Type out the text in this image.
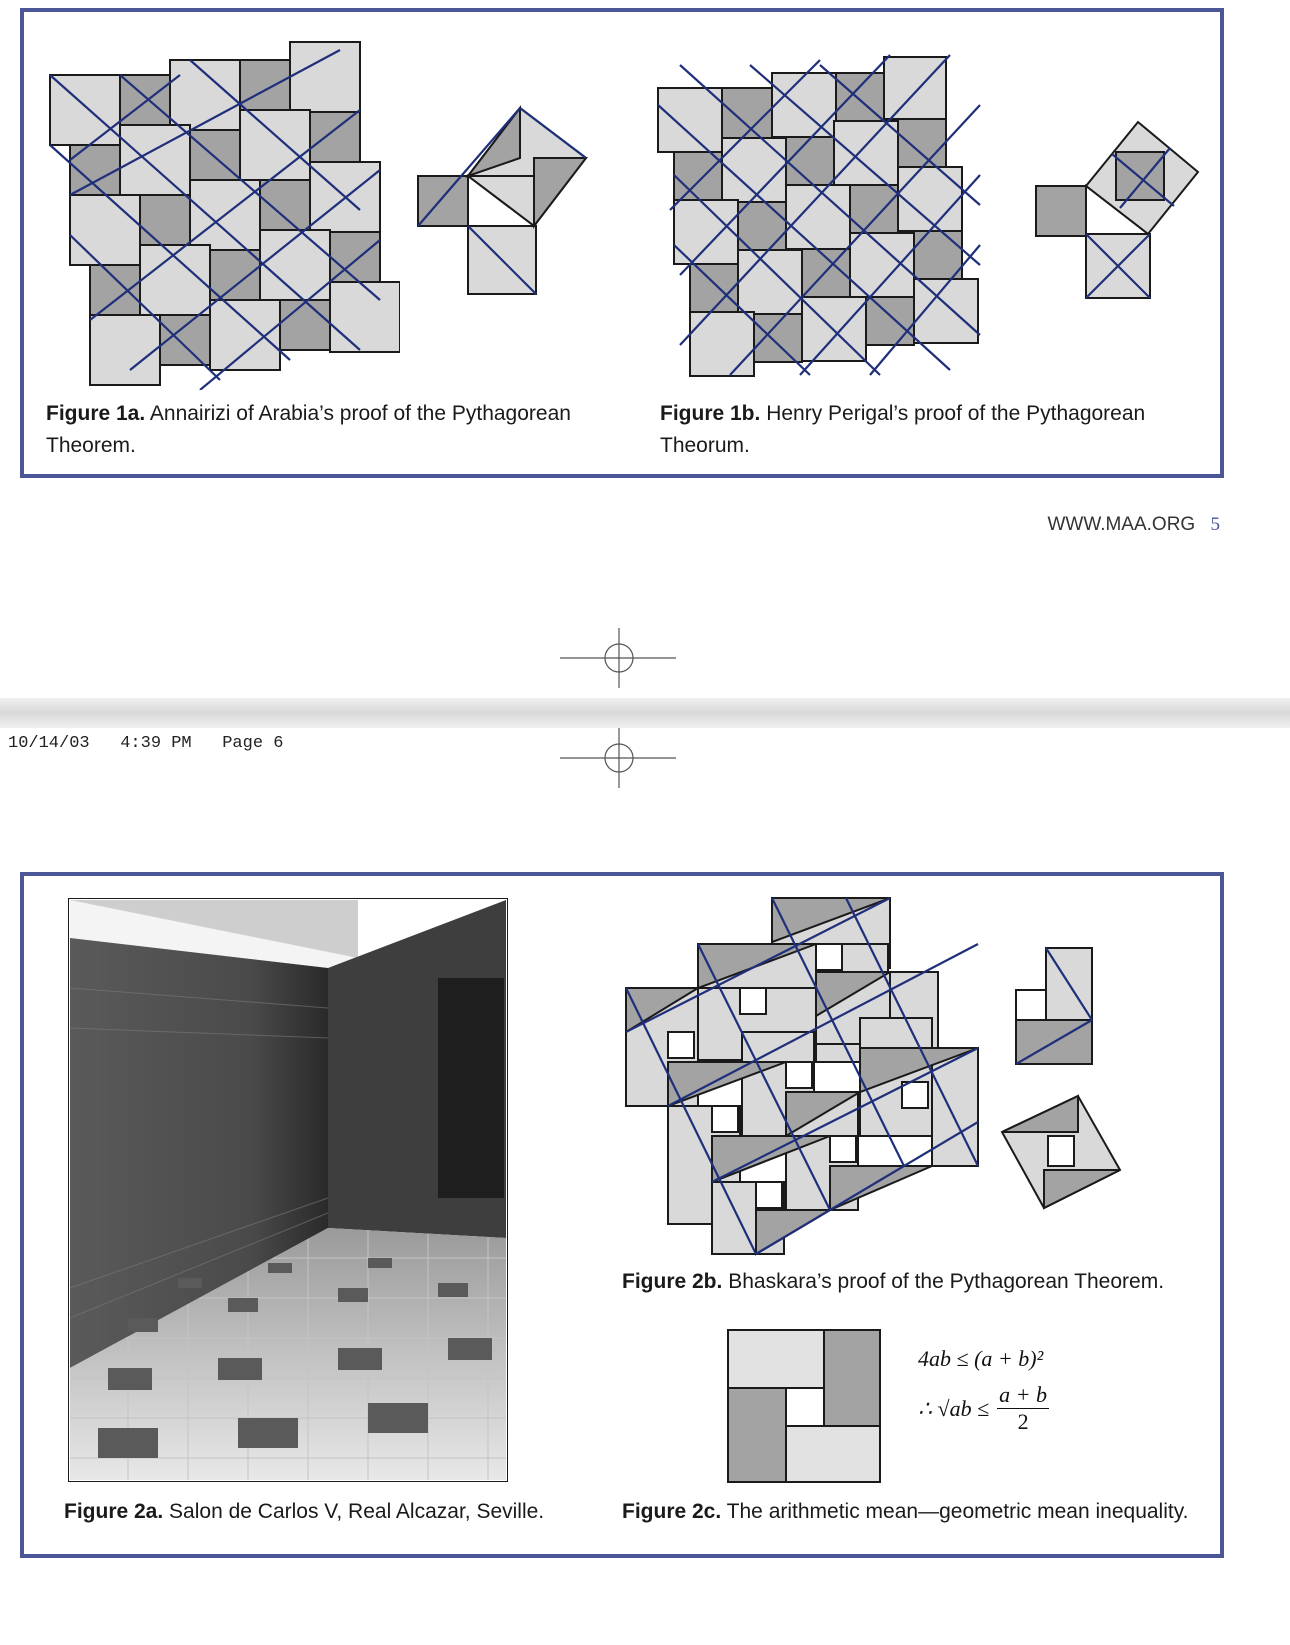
Figure 1a. Annairizi of Arabia’s proof of the Pythagorean Theorem.
Figure 1b. Henry Perigal’s proof of the Pythagorean Theorum.
WWW.MAA.ORG 5
10/14/03   4:39 PM   Page 6
4ab ≤ (a + b)²
∴ $√ab \le \frac{a + b}{2}$
Figure 2a. Salon de Carlos V, Real Alcazar, Seville.
Figure 2b. Bhaskara’s proof of the Pythagorean Theorem.
Figure 2c. The arithmetic mean—geometric mean inequality.
